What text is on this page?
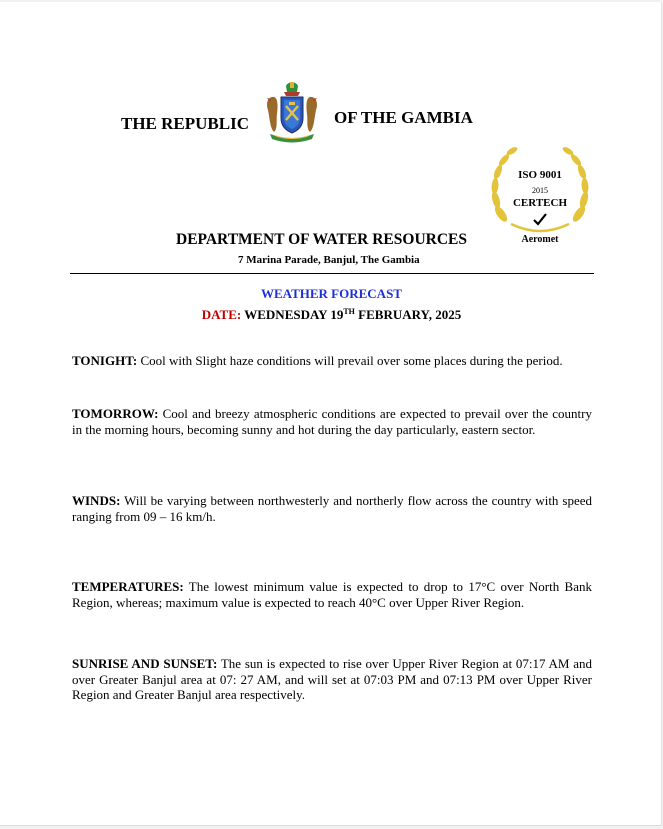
THE REPUBLIC	OF THE GAMBIA
ISO 9001
2015
CERTECH
Aeromet
DEPARTMENT OF WATER RESOURCES
7 Marina Parade, Banjul, The Gambia
WEATHER FORECAST
DATE: WEDNESDAY 19TH FEBRUARY, 2025

TONIGHT: Cool with Slight haze conditions will prevail over some places during the period.

TOMORROW: Cool and breezy atmospheric conditions are expected to prevail over the country in the morning hours, becoming sunny and hot during the day particularly, eastern sector.

WINDS: Will be varying between northwesterly and northerly flow across the country with speed ranging from 09 – 16 km/h.

TEMPERATURES: The lowest minimum value is expected to drop to 17°C over North Bank Region, whereas; maximum value is expected to reach 40°C over Upper River Region.

SUNRISE AND SUNSET: The sun is expected to rise over Upper River Region at 07:17 AM and over Greater Banjul area at 07: 27 AM, and will set at 07:03 PM and 07:13 PM over Upper River Region and Greater Banjul area respectively.
